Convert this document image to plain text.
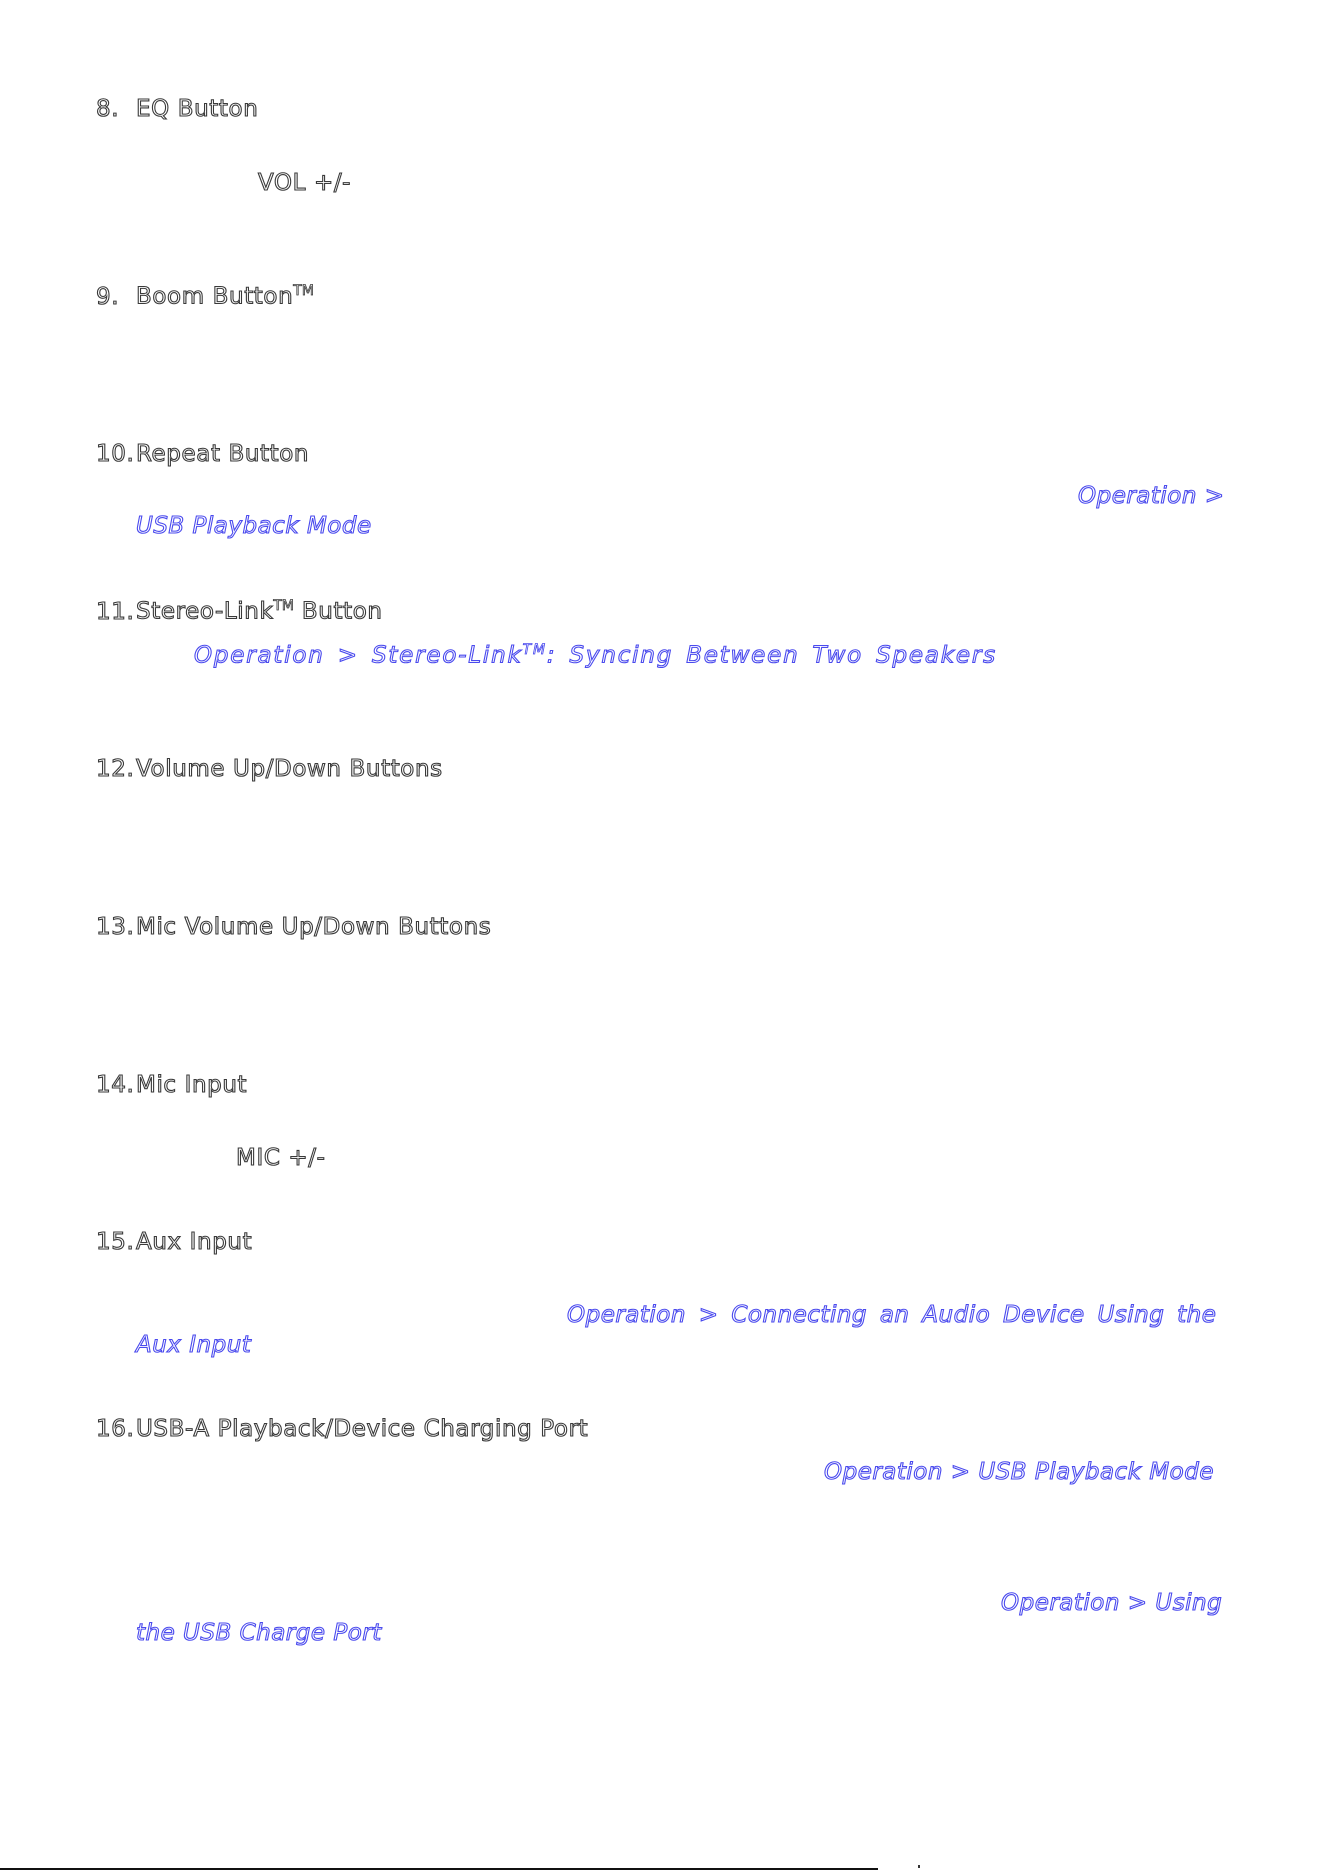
8. EQ Button

VOL +/-

9. Boom Button™
10.Repeat Button
Operation >
USB Playback Mode
11.Stereo-Link™ Button
Operation > Stereo-Link™: Syncing Between Two Speakers
12.Volume Up/Down Buttons
13.Mic Volume Up/Down Buttons
14.Mic Input

MIC +/-

15.Aux Input
Operation > Connecting an Audio Device Using the
Aux Input
16.USB-A Playback/Device Charging Port
Operation > USB Playback Mode
Operation > Using
the USB Charge Port
